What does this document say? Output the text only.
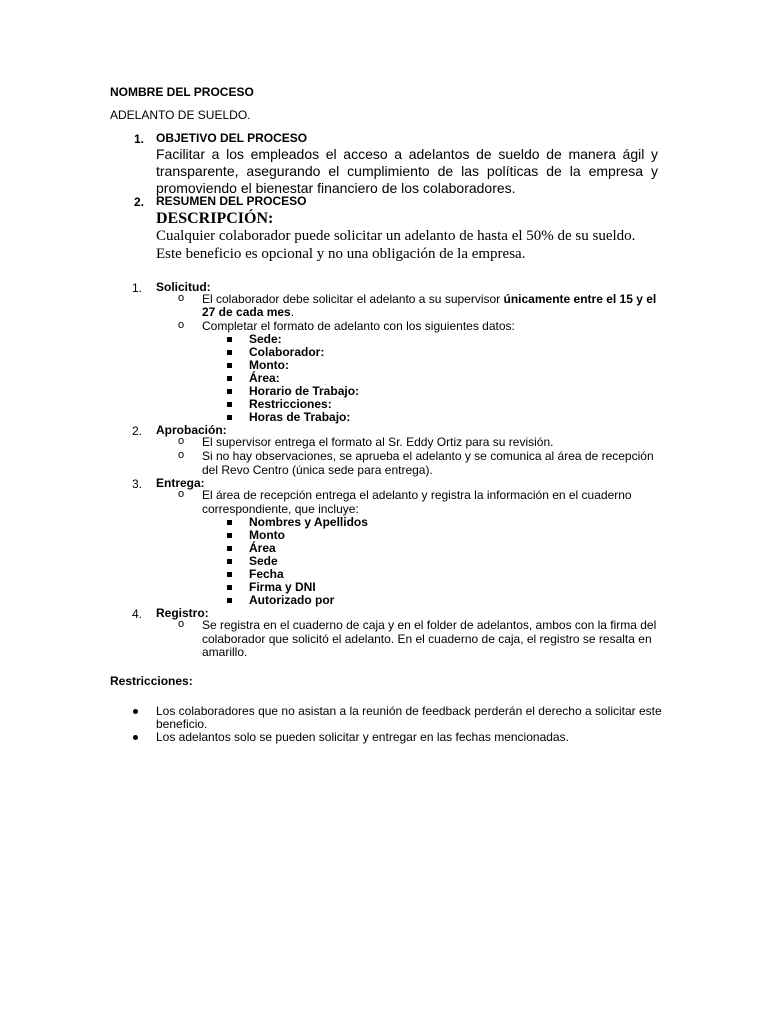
NOMBRE DEL PROCESO
ADELANTO DE SUELDO.
1. OBJETIVO DEL PROCESO
Facilitar a los empleados el acceso a adelantos de sueldo de manera ágil y
transparente, asegurando el cumplimiento de las políticas de la empresa y
promoviendo el bienestar financiero de los colaboradores.
2. RESUMEN DEL PROCESO
DESCRIPCIÓN:
Cualquier colaborador puede solicitar un adelanto de hasta el 50% de su sueldo.
Este beneficio es opcional y no una obligación de la empresa.
1. Solicitud:
o El colaborador debe solicitar el adelanto a su supervisor únicamente entre el 15 y el
27 de cada mes.
o Completar el formato de adelanto con los siguientes datos:
Sede:
Colaborador:
Monto:
Área:
Horario de Trabajo:
Restricciones:
Horas de Trabajo:
2. Aprobación:
o El supervisor entrega el formato al Sr. Eddy Ortiz para su revisión.
o Si no hay observaciones, se aprueba el adelanto y se comunica al área de recepción
del Revo Centro (única sede para entrega).
3. Entrega:
o El área de recepción entrega el adelanto y registra la información en el cuaderno
correspondiente, que incluye:
Nombres y Apellidos
Monto
Área
Sede
Fecha
Firma y DNI
Autorizado por
4. Registro:
o Se registra en el cuaderno de caja y en el folder de adelantos, ambos con la firma del
colaborador que solicitó el adelanto. En el cuaderno de caja, el registro se resalta en
amarillo.
Restricciones:
Los colaboradores que no asistan a la reunión de feedback perderán el derecho a solicitar este
beneficio.
Los adelantos solo se pueden solicitar y entregar en las fechas mencionadas.
